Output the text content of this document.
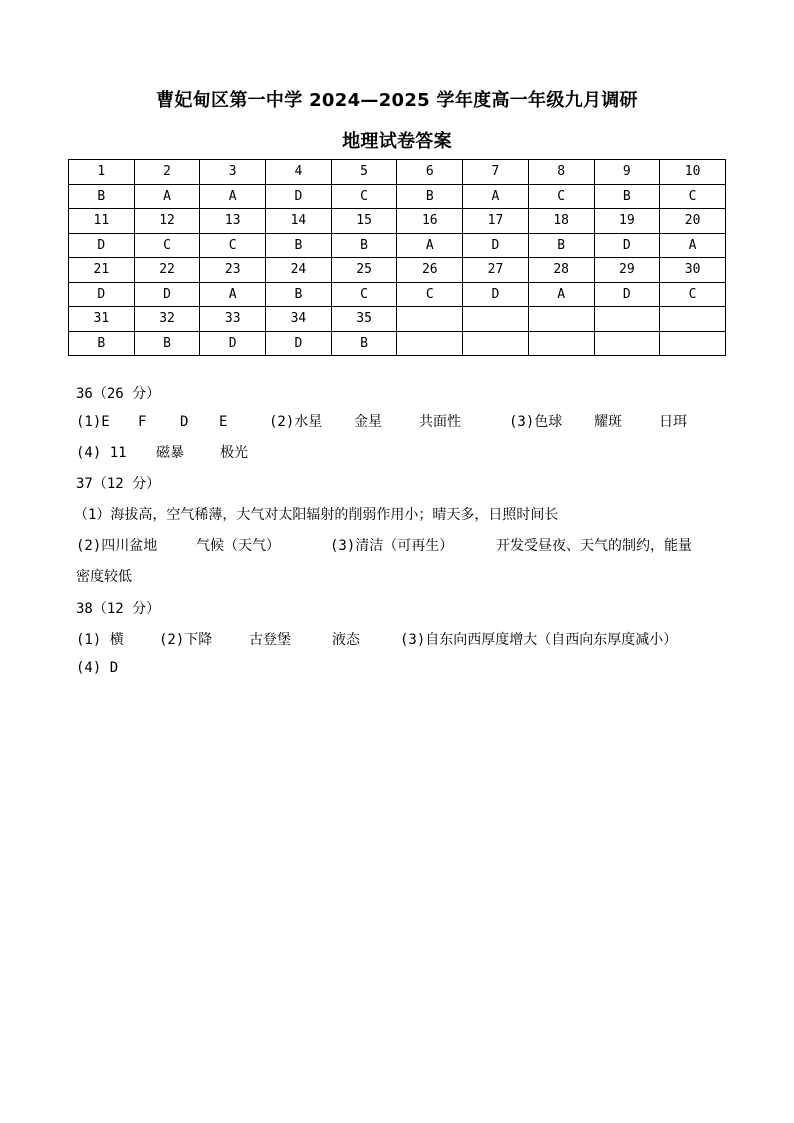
曹妃甸区第一中学 2024—2025 学年度高一年级九月调研
地理试卷答案
1	2	3	4	5	6	7	8	9	10
B	A	A	D	C	B	A	C	B	C
11	12	13	14	15	16	17	18	19	20
D	C	C	B	B	A	D	B	D	A
21	22	23	24	25	26	27	28	29	30
D	D	A	B	C	C	D	A	D	C
31	32	33	34	35					
B	B	D	D	B					
36（26 分）
(1)E F D E	(2)水星 金星	共面性	(3)色球 耀斑	日珥
(4) 11 磁暴	极光
37（12 分）
（1）海拔高，空气稀薄，大气对太阳辐射的削弱作用小；晴天多，日照时间长
(2)四川盆地	气候（天气）	(3)清洁（可再生）	开发受昼夜、天气的制约，能量
密度较低
38（12 分）
(1) 横	(2)下降	古登堡	液态	(3)自东向西厚度增大（自西向东厚度减小）
(4) D
